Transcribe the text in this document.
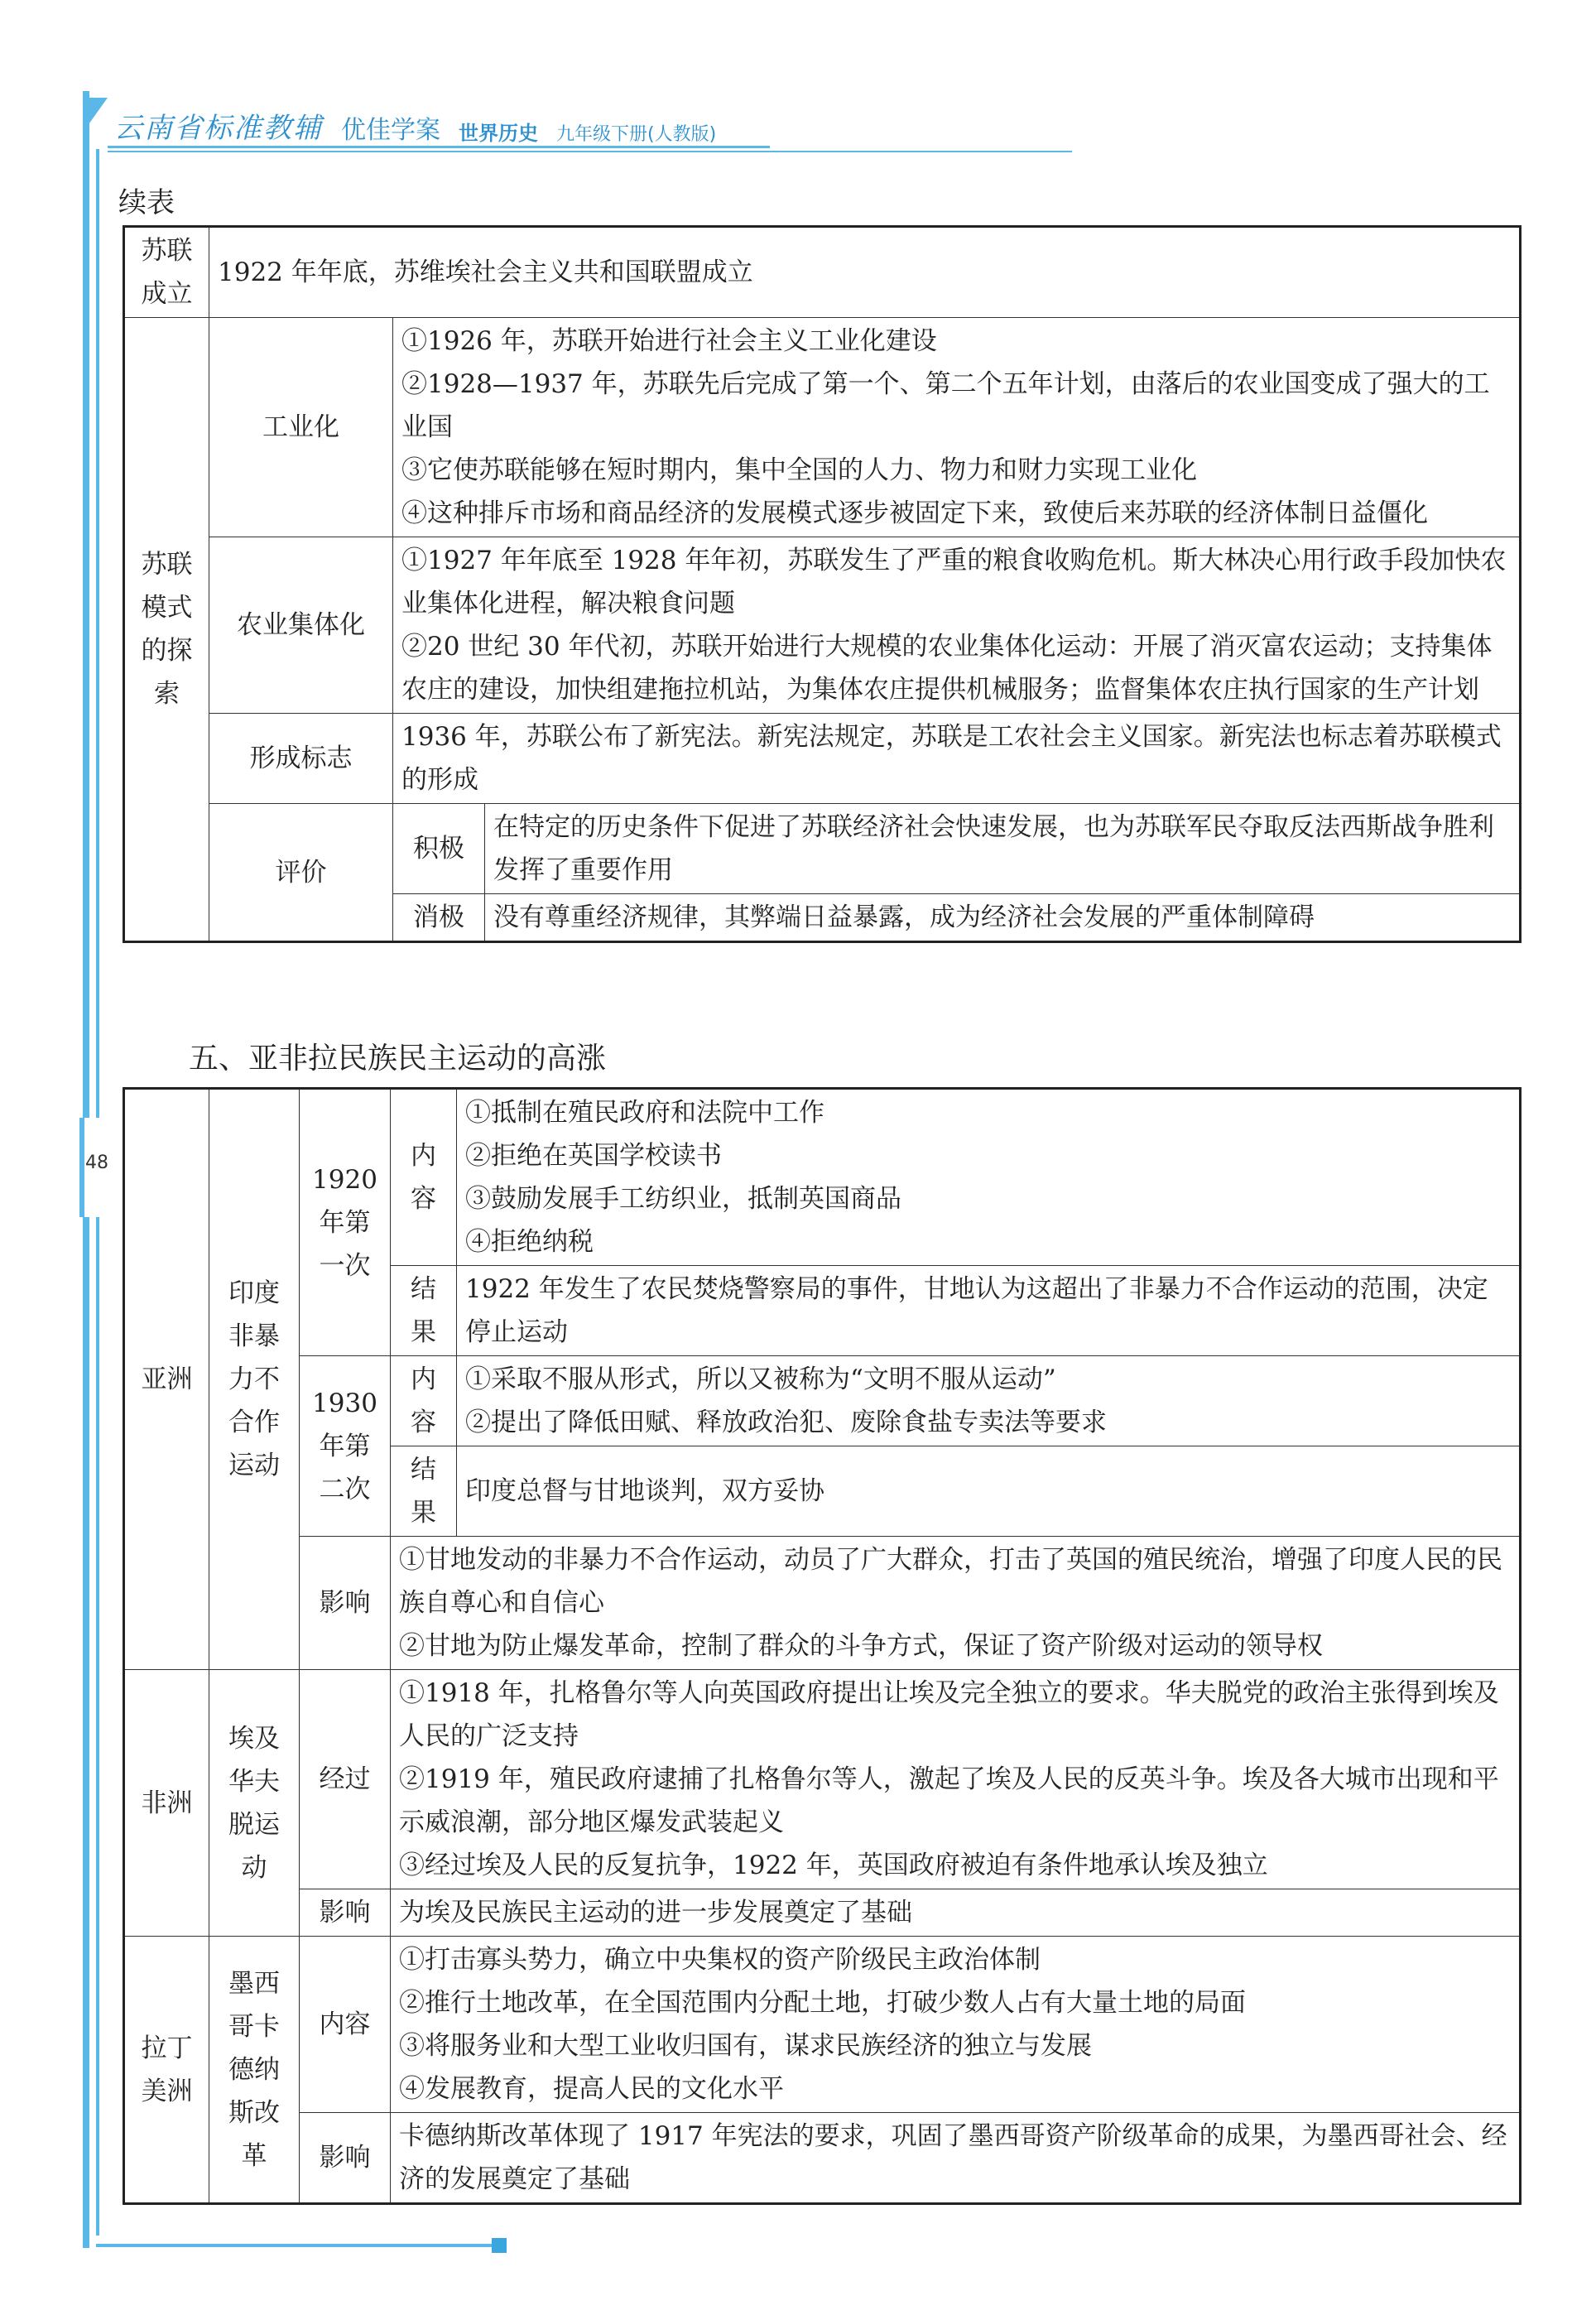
48
云南省标准教辅 优佳学案 世界历史 九年级下册(人教版)
续表
苏联成立	1922 年年底，苏维埃社会主义共和国联盟成立		
苏联模式的探索	工业化	①1926 年，苏联开始进行社会主义工业化建设
②1928—1937 年，苏联先后完成了第一个、第二个五年计划，由落后的农业国变成了强大的工业国
③它使苏联能够在短时期内，集中全国的人力、物力和财力实现工业化
④这种排斥市场和商品经济的发展模式逐步被固定下来，致使后来苏联的经济体制日益僵化	

	农业集体化	①1927 年年底至 1928 年年初，苏联发生了严重的粮食收购危机。斯大林决心用行政手段加快农业集体化进程，解决粮食问题
②20 世纪 30 年代初，苏联开始进行大规模的农业集体化运动：开展了消灭富农运动；支持集体农庄的建设，加快组建拖拉机站，为集体农庄提供机械服务；监督集体农庄执行国家的生产计划	

	形成标志	1936 年，苏联公布了新宪法。新宪法规定，苏联是工农社会主义国家。新宪法也标志着苏联模式的形成	
	评价	积极	在特定的历史条件下促进了苏联经济社会快速发展，也为苏联军民夺取反法西斯战争胜利发挥了重要作用
		消极	没有尊重经济规律，其弊端日益暴露，成为经济社会发展的严重体制障碍
五、亚非拉民族民主运动的高涨
亚洲	印度非暴力不合作运动	1920 年第一次	内容	①抵制在殖民政府和法院中工作
②拒绝在英国学校读书
③鼓励发展手工纺织业，抵制英国商品
④拒绝纳税

			结果	1922 年发生了农民焚烧警察局的事件，甘地认为这超出了非暴力不合作运动的范围，决定停止运动
		1930 年第二次	内容	①采取不服从形式，所以又被称为“文明不服从运动”
②提出了降低田赋、释放政治犯、废除食盐专卖法等要求

			结果	印度总督与甘地谈判，双方妥协
		影响	①甘地发动的非暴力不合作运动，动员了广大群众，打击了英国的殖民统治，增强了印度人民的民族自尊心和自信心
②甘地为防止爆发革命，控制了群众的斗争方式，保证了资产阶级对运动的领导权	

非洲	埃及华夫脱运动	经过	①1918 年，扎格鲁尔等人向英国政府提出让埃及完全独立的要求。华夫脱党的政治主张得到埃及人民的广泛支持
②1919 年，殖民政府逮捕了扎格鲁尔等人，激起了埃及人民的反英斗争。埃及各大城市出现和平示威浪潮，部分地区爆发武装起义
③经过埃及人民的反复抗争，1922 年，英国政府被迫有条件地承认埃及独立	

		影响	为埃及民族民主运动的进一步发展奠定了基础	
拉丁美洲	墨西哥卡德纳斯改革	内容	①打击寡头势力，确立中央集权的资产阶级民主政治体制
②推行土地改革，在全国范围内分配土地，打破少数人占有大量土地的局面
③将服务业和大型工业收归国有，谋求民族经济的独立与发展
④发展教育，提高人民的文化水平	

		影响	卡德纳斯改革体现了 1917 年宪法的要求，巩固了墨西哥资产阶级革命的成果，为墨西哥社会、经济的发展奠定了基础	
